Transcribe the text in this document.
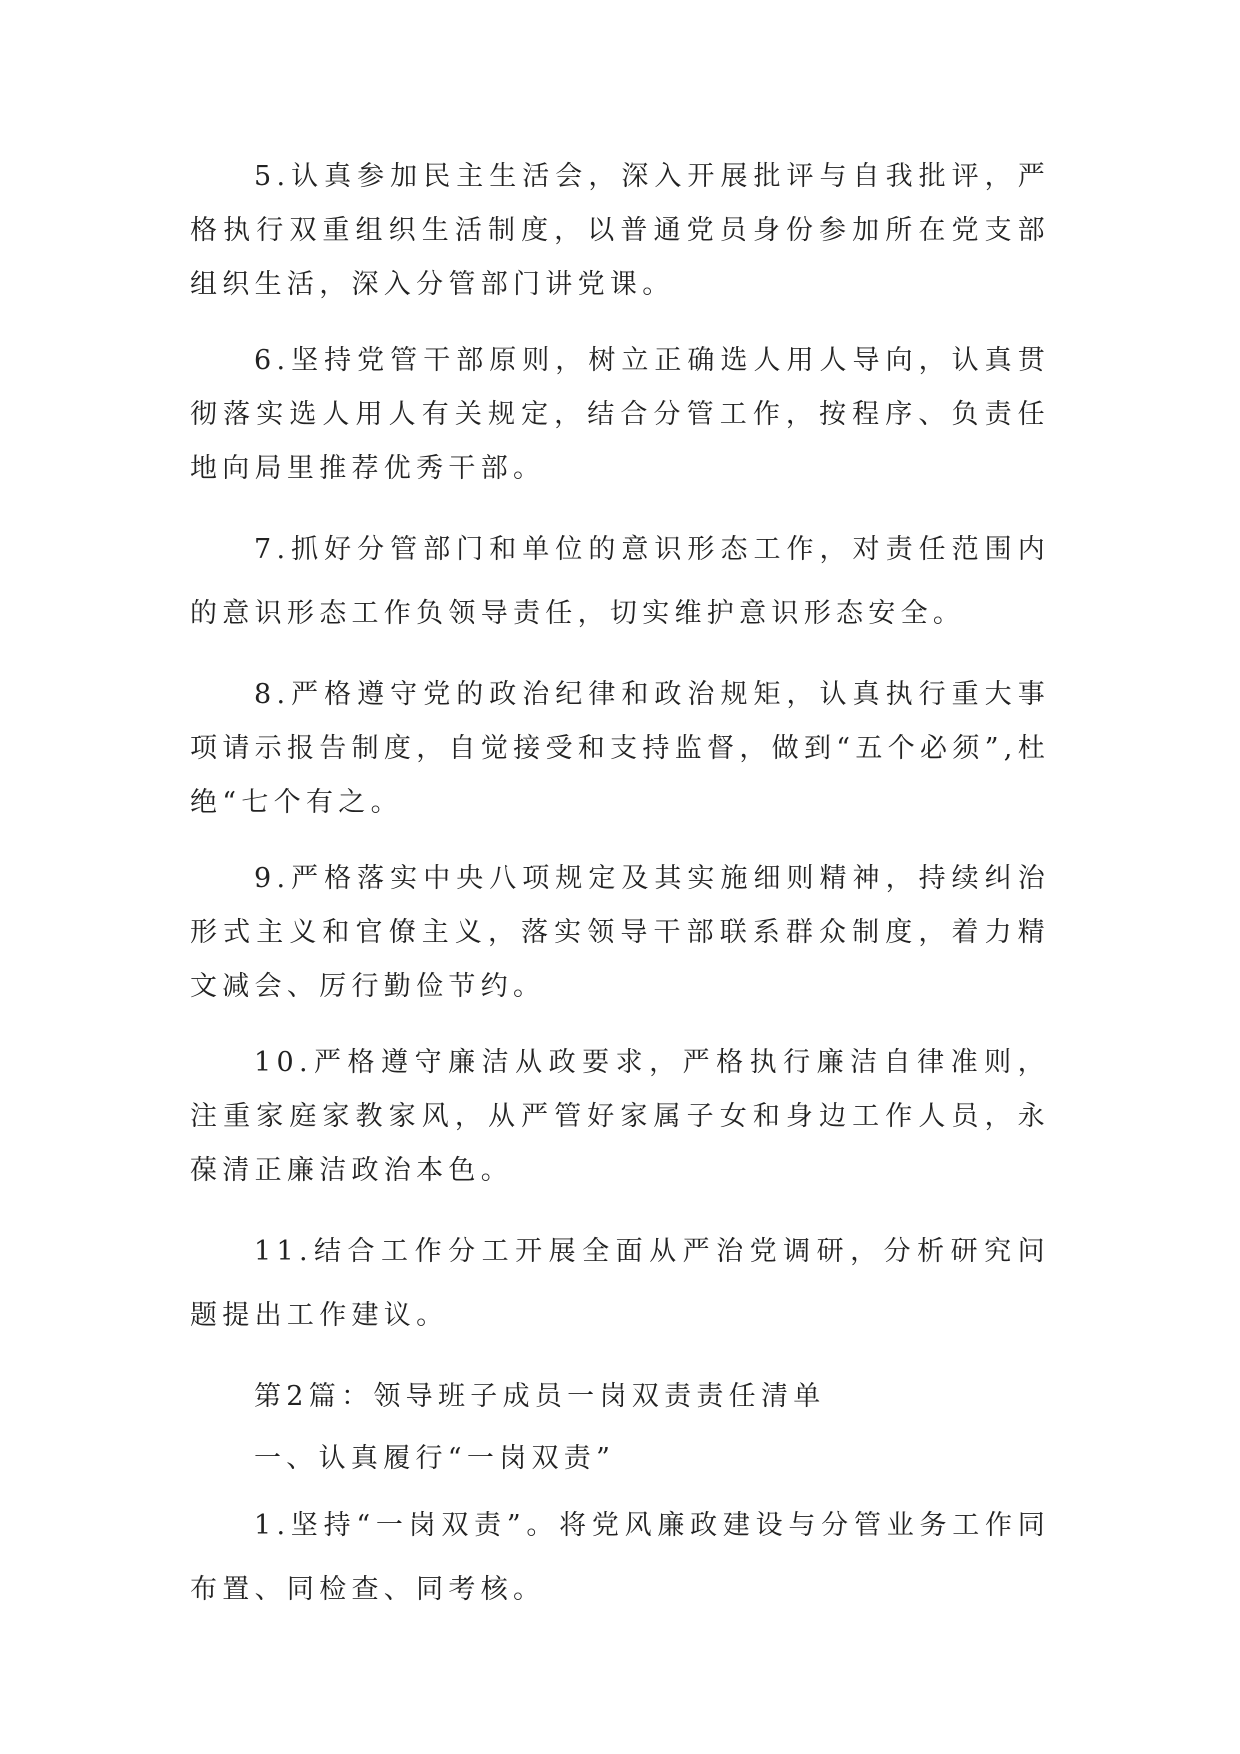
5.认真参加民主生活会，深入开展批评与自我批评，严格执行双重组织生活制度，以普通党员身份参加所在党支部组织生活，深入分管部门讲党课。

6.坚持党管干部原则，树立正确选人用人导向，认真贯彻落实选人用人有关规定，结合分管工作，按程序、负责任地向局里推荐优秀干部。

7.抓好分管部门和单位的意识形态工作，对责任范围内的意识形态工作负领导责任，切实维护意识形态安全。

8.严格遵守党的政治纪律和政治规矩，认真执行重大事项请示报告制度，自觉接受和支持监督，做到“五个必须”,杜绝“七个有之。

9.严格落实中央八项规定及其实施细则精神，持续纠治形式主义和官僚主义，落实领导干部联系群众制度，着力精文减会、厉行勤俭节约。

10.严格遵守廉洁从政要求，严格执行廉洁自律准则，注重家庭家教家风，从严管好家属子女和身边工作人员，永葆清正廉洁政治本色。

11.结合工作分工开展全面从严治党调研，分析研究问题提出工作建议。

第2篇：领导班子成员一岗双责责任清单

一、认真履行“一岗双责”

1.坚持“一岗双责”。将党风廉政建设与分管业务工作同布置、同检查、同考核。
